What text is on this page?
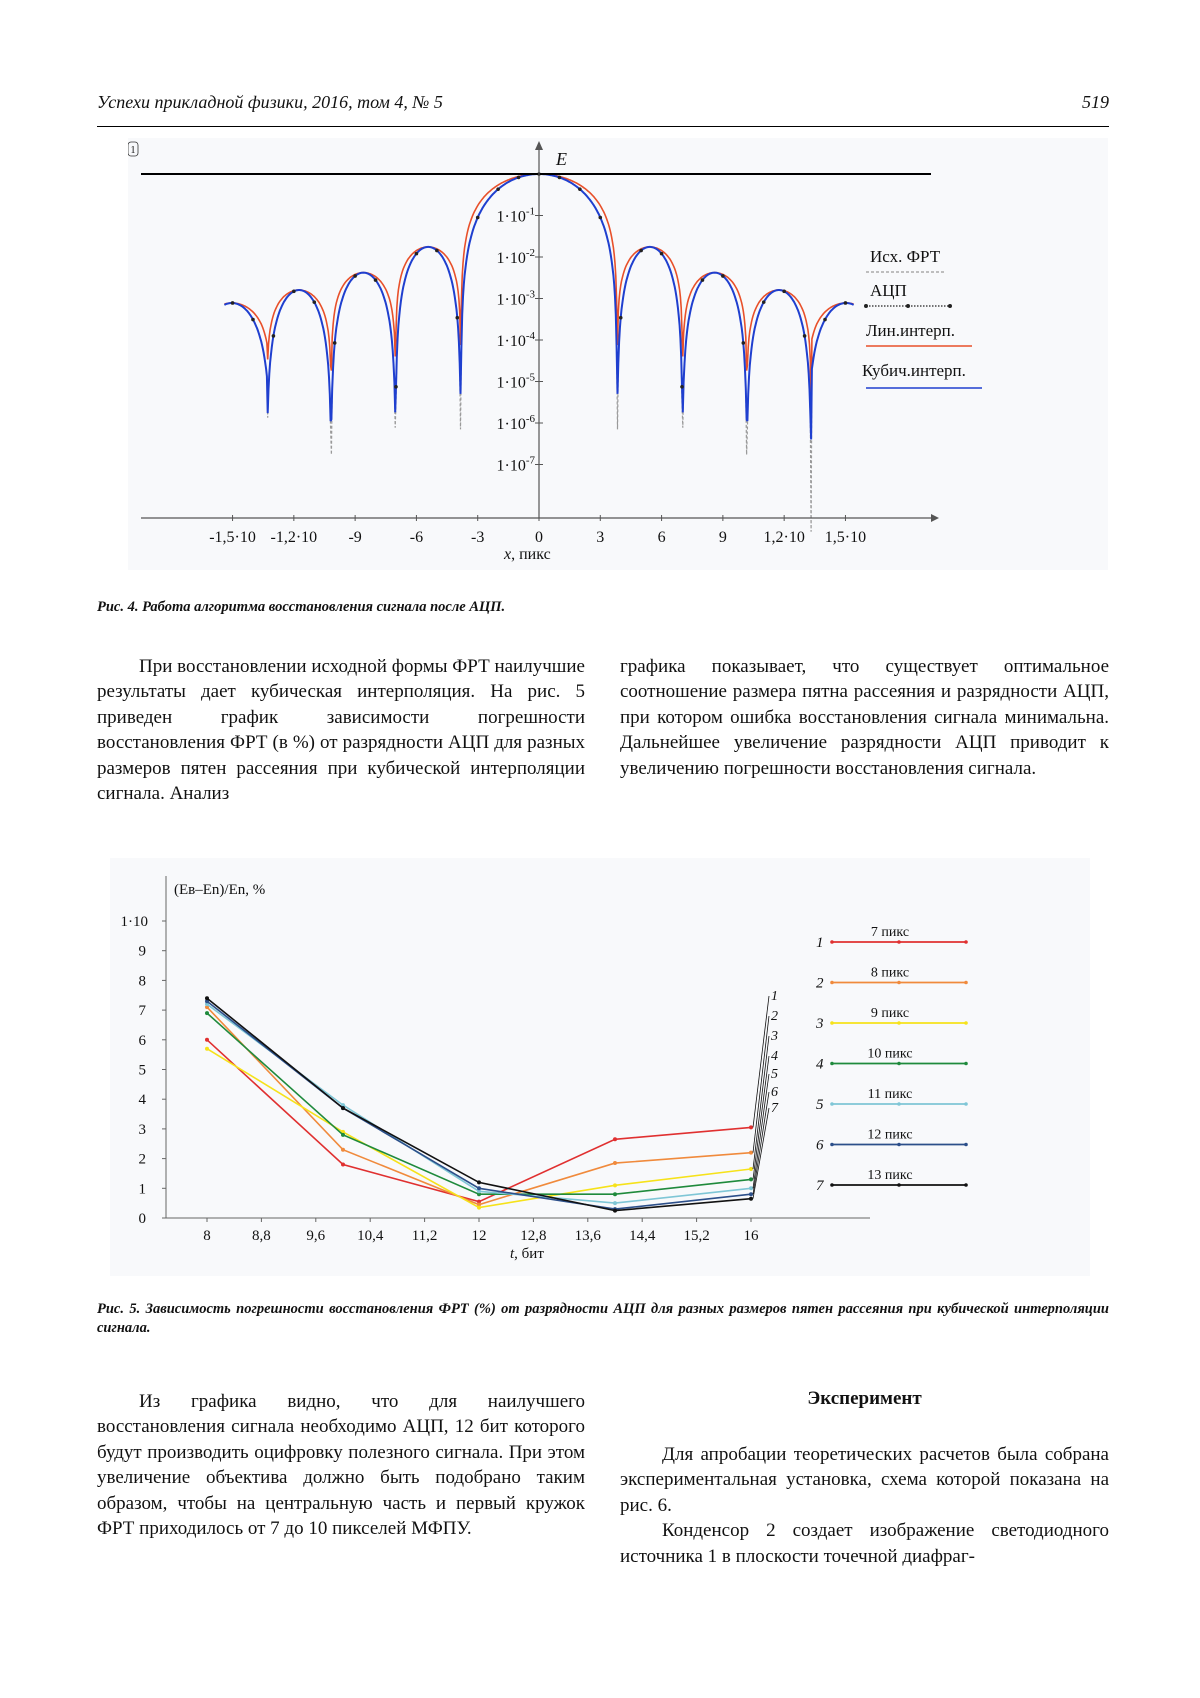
Успехи прикладной физики, 2016, том 4, № 5	519
$1\cdot 10^{-1}$
$1\cdot 10^{-2}$
$1\cdot 10^{-3}$
$1\cdot 10^{-4}$
$1\cdot 10^{-5}$
$1\cdot 10^{-6}$
$1\cdot 10^{-7}$
-1,5·10 -1,2·10 -9	-6	-3	0	3	6	9 1,2·10 1,5·10
E
x, пикс
1
Исх. ФРТ
АЦП
Лин.интерп.
Кубич.интерп.
Рис. 4. Работа алгоритма восстановления сигнала после АЦП.

При восстановлении исходной формы ФРТ наилучшие результаты дает кубическая интерполяция. На рис. 5 приведен график зависимости погрешности восстановления ФРТ (в %) от разрядности АЦП для разных размеров пятен рассеяния при кубической интерполяции сигнала. Анализ

графика показывает, что существует оптимальное соотношение размера пятна рассеяния и разрядности АЦП, при котором ошибка восстановления сигнала минимальна. Дальнейшее увеличение разрядности АЦП приводит к увеличению погрешности восстановления сигнала.

(Eв–En)/En, %
t, бит
0
1
2
3
4
5
6
7
8
9
1·10
8	8,8 9,6 10,4 11,2 12 12,8 13,6 14,4 15,2 16
1
2
3
4
5
6
7
1
7 пикс
2
8 пикс
3
9 пикс
4
10 пикс
5
11 пикс
6
12 пикс
7
13 пикс
Рис. 5. Зависимость погрешности восстановления ФРТ (%) от разрядности АЦП для разных размеров пятен рассеяния при кубической интерполяции сигнала.

Из графика видно, что для наилучшего восстановления сигнала необходимо АЦП, 12 бит которого будут производить оцифровку полезного сигнала. При этом увеличение объектива должно быть подобрано таким образом, чтобы на центральную часть и первый кружок ФРТ приходилось от 7 до 10 пикселей МФПУ.

Эксперимент

Для апробации теоретических расчетов была собрана экспериментальная установка, схема которой показана на рис. 6.

Конденсор 2 создает изображение светодиодного источника 1 в плоскости точечной диафраг-
